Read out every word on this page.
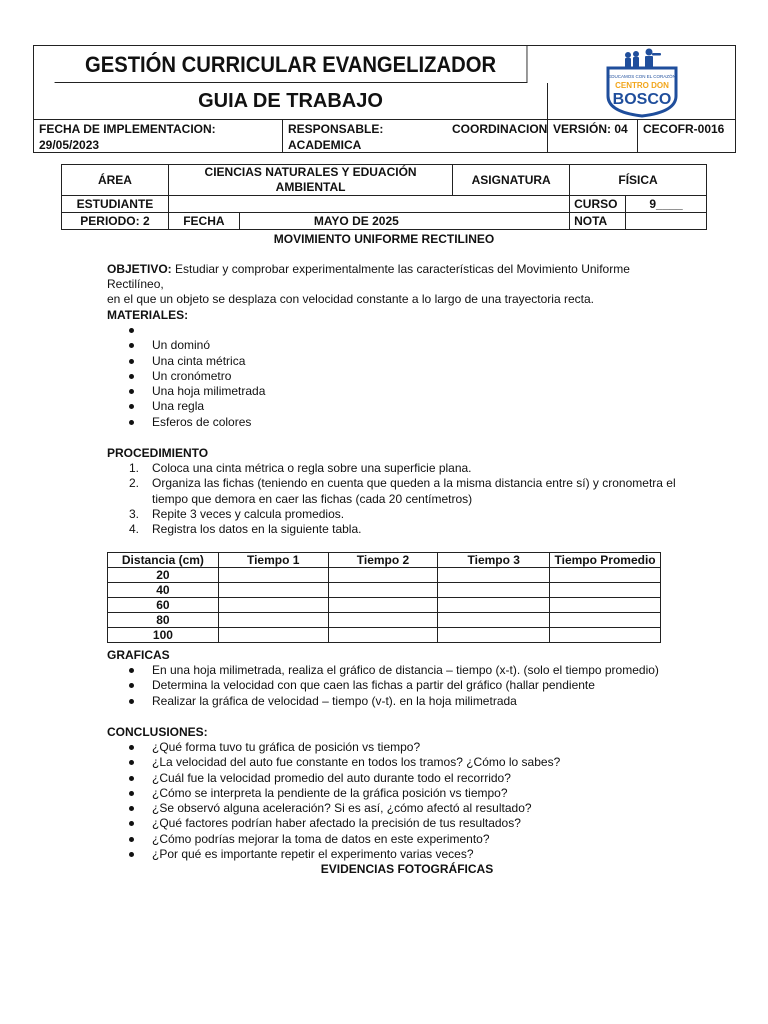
GESTIÓN CURRICULAR EVANGELIZADOR
GUIA DE TRABAJO
EDUCAMOS CON EL CORAZÓN
CENTRO DON
BOSCO
FECHA DE IMPLEMENTACION: 29/05/2023
RESPONSABLE:	COORDINACION
ACADEMICA
VERSIÓN: 04	CECOFR-0016
ÁREA	CIENCIAS NATURALES Y EDUACIÓN AMBIENTAL		ASIGNATURA	FÍSICA	
ESTUDIANTE				CURSO	9____
PERIODO: 2	FECHA	MAYO DE 2025		NOTA	
MOVIMIENTO UNIFORME RECTILINEO
OBJETIVO: Estudiar y comprobar experimentalmente las características del Movimiento Uniforme Rectilíneo,
en el que un objeto se desplaza con velocidad constante a lo largo de una trayectoria recta.
MATERIALES:

Un dominó
Una cinta métrica
Un cronómetro
Una hoja milimetrada
Una regla
Esferos de colores
PROCEDIMIENTO
1. Coloca una cinta métrica o regla sobre una superficie plana.
2. Organiza las fichas (teniendo en cuenta que queden a la misma distancia entre sí) y cronometra el
tiempo que demora en caer las fichas (cada 20 centímetros)
3. Repite 3 veces y calcula promedios.
4. Registra los datos en la siguiente tabla.
Distancia (cm)	Tiempo 1	Tiempo 2	Tiempo 3	Tiempo Promedio
20				
40				
60				
80				
100				
GRAFICAS
En una hoja milimetrada, realiza el gráfico de distancia – tiempo (x-t). (solo el tiempo promedio)
Determina la velocidad con que caen las fichas a partir del gráfico (hallar pendiente
Realizar la gráfica de velocidad – tiempo (v-t). en la hoja milimetrada
CONCLUSIONES:
¿Qué forma tuvo tu gráfica de posición vs tiempo?
¿La velocidad del auto fue constante en todos los tramos? ¿Cómo lo sabes?
¿Cuál fue la velocidad promedio del auto durante todo el recorrido?
¿Cómo se interpreta la pendiente de la gráfica posición vs tiempo?
¿Se observó alguna aceleración? Si es así, ¿cómo afectó al resultado?
¿Qué factores podrían haber afectado la precisión de tus resultados?
¿Cómo podrías mejorar la toma de datos en este experimento?
¿Por qué es importante repetir el experimento varias veces?
EVIDENCIAS FOTOGRÁFICAS
